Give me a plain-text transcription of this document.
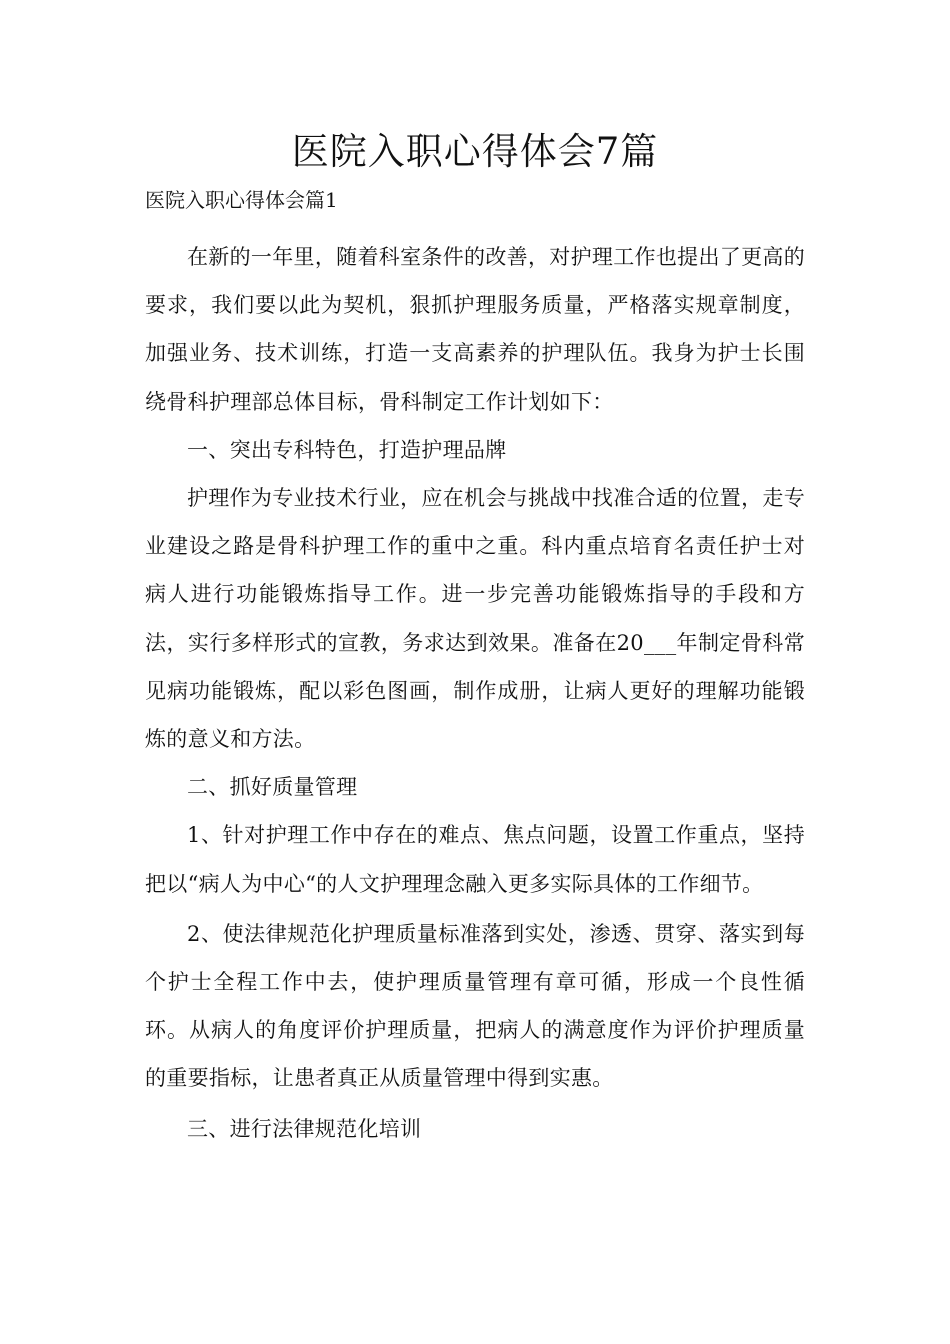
医院入职心得体会7篇
医院入职心得体会篇1

在新的一年里，随着科室条件的改善，对护理工作也提出了更高的要求，我们要以此为契机，狠抓护理服务质量，严格落实规章制度，加强业务、技术训练，打造一支高素养的护理队伍。我身为护士长围绕骨科护理部总体目标，骨科制定工作计划如下：

一、突出专科特色，打造护理品牌

护理作为专业技术行业，应在机会与挑战中找准合适的位置，走专业建设之路是骨科护理工作的重中之重。科内重点培育名责任护士对病人进行功能锻炼指导工作。进一步完善功能锻炼指导的手段和方法，实行多样形式的宣教，务求达到效果。准备在20___年制定骨科常见病功能锻炼，配以彩色图画，制作成册，让病人更好的理解功能锻炼的意义和方法。

二、抓好质量管理

1、针对护理工作中存在的难点、焦点问题，设置工作重点，坚持把以“病人为中心“的人文护理理念融入更多实际具体的工作细节。

2、使法律规范化护理质量标准落到实处，渗透、贯穿、落实到每个护士全程工作中去，使护理质量管理有章可循，形成一个良性循环。从病人的角度评价护理质量，把病人的满意度作为评价护理质量的重要指标，让患者真正从质量管理中得到实惠。

三、进行法律规范化培训
